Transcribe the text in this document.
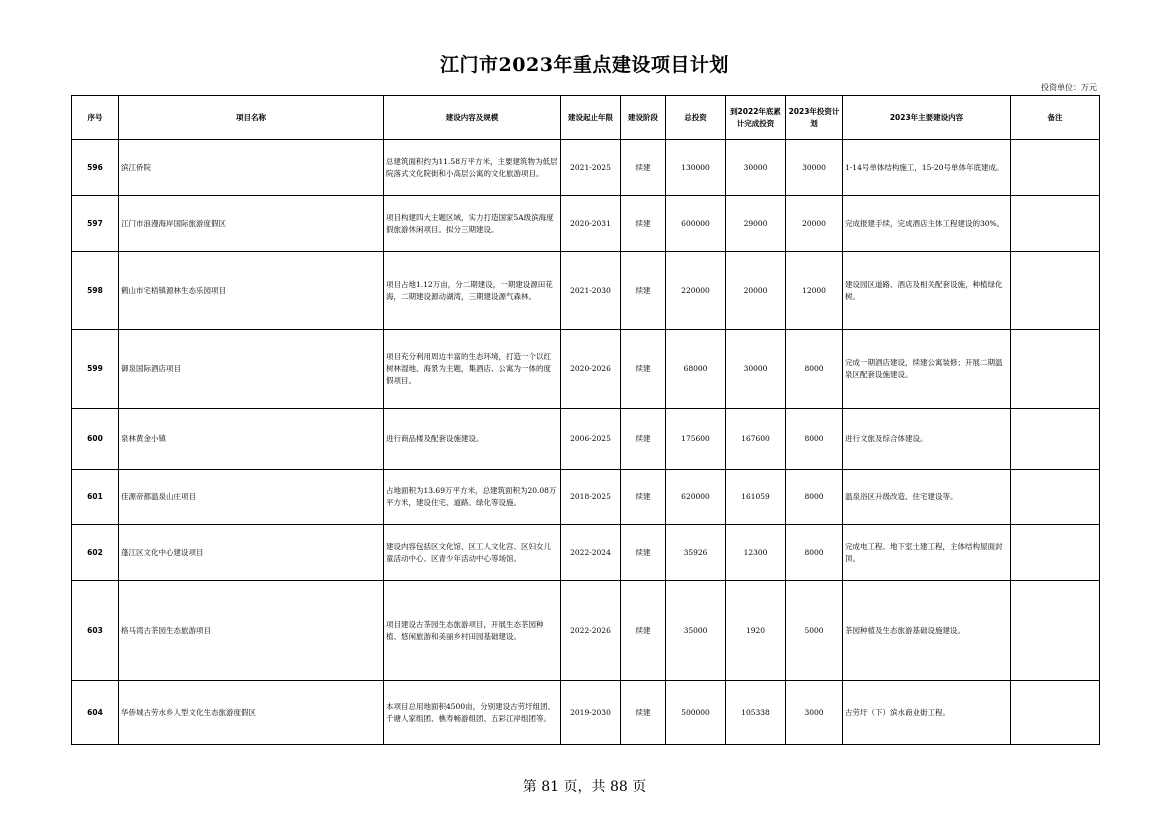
江门市2023年重点建设项目计划
投资单位：万元
序号	项目名称	建设内容及规模	建设起止年限	建设阶段	总投资	到2022年底累计完成投资	2023年投资计划	2023年主要建设内容	备注
596	滨江侨院	总建筑面积约为11.58万平方米，主要建筑物为低层院落式文化院街和小高层公寓的文化旅游项目。	2021-2025	续建	130000	30000	30000	1-14号单体结构施工，15-20号单体年底建成。	
597	江门市浪漫海岸国际旅游度假区	项目构建四大主题区域，实力打造国家5A级滨海度假旅游休闲项目。拟分三期建设。	2020-2031	续建	600000	29000	20000	完成报建手续，完成酒店主体工程建设的30%。	
598	鹤山市宅梧镇源林生态乐园项目	项目占地1.12万亩，分二期建设，一期建设源田花海，二期建设源动湖湾，三期建设源气森林。	2021-2030	续建	220000	20000	12000	建设园区道路、酒店及相关配套设施，种植绿化树。	
599	御泉国际酒店项目	项目充分利用周边丰富的生态环境，打造一个以红树林湿地、海景为主题，集酒店、公寓为一体的度假项目。	2020-2026	续建	68000	30000	8000	完成一期酒店建设，续建公寓装修；开展二期温泉区配套设施建设。	
600	泉林黄金小镇	进行商品楼及配套设施建设。	2006-2025	续建	175600	167600	8000	进行文旅及综合体建设。	
601	佳源帝都温泉山庄项目	占地面积为13.69万平方米，总建筑面积为20.08万平方米，建设住宅、道路、绿化等设施。	2018-2025	续建	620000	161059	8000	温泉浴区升级改造、住宅建设等。	
602	蓬江区文化中心建设项目	建设内容包括区文化馆、区工人文化宫、区妇女儿童活动中心、区青少年活动中心等场馆。	2022-2024	续建	35926	12300	8000	完成电工程、地下室土建工程，主体结构屋面封顶。	
603	格马湾古茶园生态旅游项目	项目建设古茶园生态旅游项目，开展生态茶园种植、悠闲旅游和美丽乡村田园基础建设。	2022-2026	续建	35000	1920	5000	茶园种植及生态旅游基础设施建设。	
604	华侨城古劳水乡人型文化生态旅游度假区	本项目总用地面积4500亩，分别建设古劳圩组团、千塘人家组团、樵寿畅游组团、五彩江岸组团等。	2019-2030	续建	500000	105338	3000	古劳圩（下）滨水商业街工程。	
第 81 页，共 88 页
